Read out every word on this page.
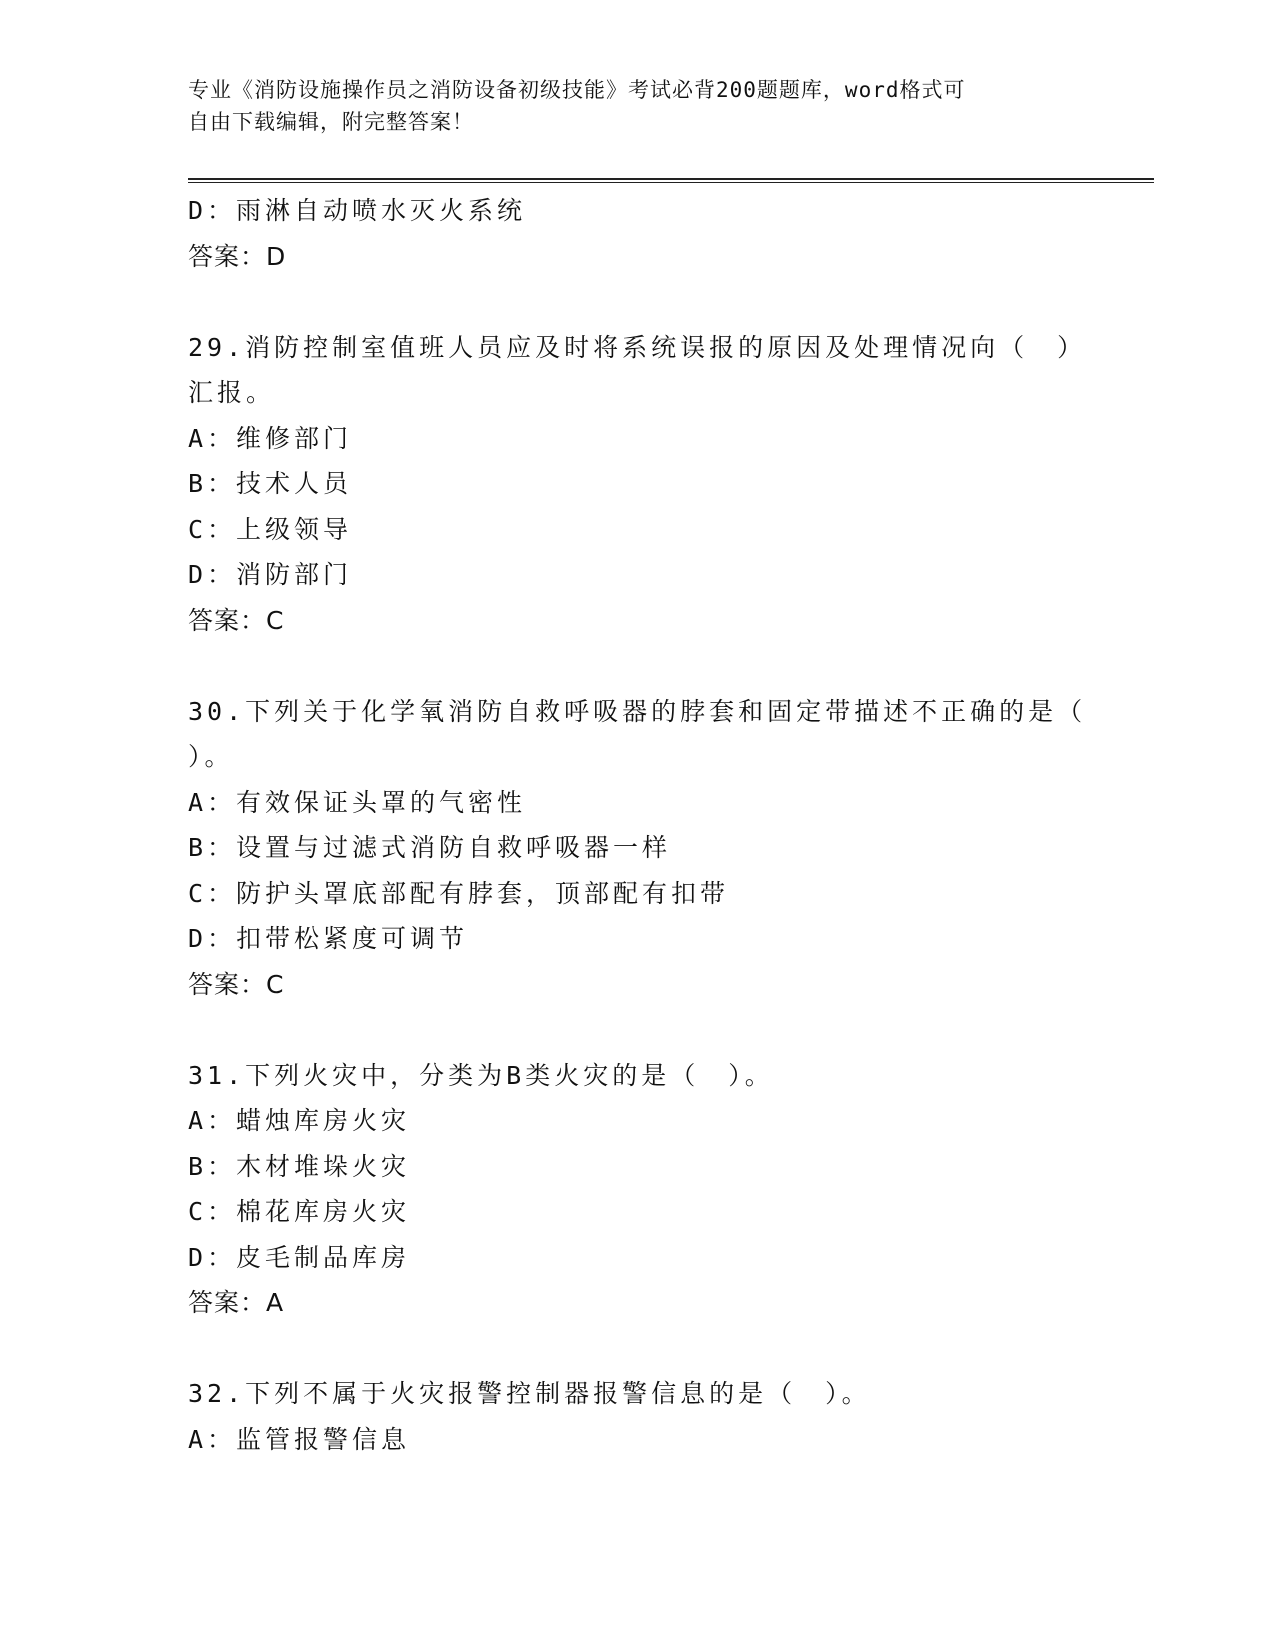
专业《消防设施操作员之消防设备初级技能》考试必背200题题库，word格式可
自由下载编辑，附完整答案！
D：雨淋自动喷水灭火系统
答案：D
29.消防控制室值班人员应及时将系统误报的原因及处理情况向（　）
汇报。
A：维修部门
B：技术人员
C：上级领导
D：消防部门
答案：C
30.下列关于化学氧消防自救呼吸器的脖套和固定带描述不正确的是（
）。
A：有效保证头罩的气密性
B：设置与过滤式消防自救呼吸器一样
C：防护头罩底部配有脖套，顶部配有扣带
D：扣带松紧度可调节
答案：C
31.下列火灾中，分类为B类火灾的是（　）。
A：蜡烛库房火灾
B：木材堆垛火灾
C：棉花库房火灾
D：皮毛制品库房
答案：A
32.下列不属于火灾报警控制器报警信息的是（　）。
A：监管报警信息
